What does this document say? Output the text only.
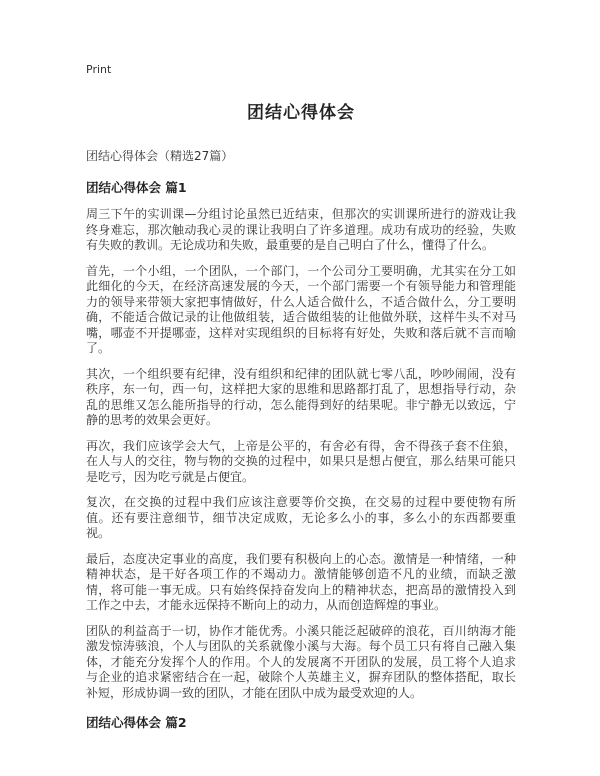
Print
团结心得体会
团结心得体会（精选27篇）
团结心得体会 篇1

周三下午的实训课—分组讨论虽然已近结束，但那次的实训课所进行的游戏让我终身难忘，那次触动我心灵的课让我明白了许多道理。成功有成功的经验，失败有失败的教训。无论成功和失败，最重要的是自己明白了什么，懂得了什么。

首先，一个小组，一个团队，一个部门，一个公司分工要明确，尤其实在分工如此细化的今天，在经济高速发展的今天，一个部门需要一个有领导能力和管理能力的领导来带领大家把事情做好，什么人适合做什么，不适合做什么，分工要明确，不能适合做记录的让他做组装，适合做组装的让他做外联，这样牛头不对马嘴，哪壶不开提哪壶，这样对实现组织的目标将有好处，失败和落后就不言而喻了。

其次，一个组织要有纪律，没有组织和纪律的团队就七零八乱，吵吵闹闹，没有秩序，东一句，西一句，这样把大家的思维和思路都打乱了，思想指导行动，杂乱的思维又怎么能所指导的行动，怎么能得到好的结果呢。非宁静无以致远，宁静的思考的效果会更好。

再次，我们应该学会大气，上帝是公平的，有舍必有得，舍不得孩子套不住狼，在人与人的交往，物与物的交换的过程中，如果只是想占便宜，那么结果可能只是吃亏，因为吃亏就是占便宜。

复次，在交换的过程中我们应该注意要等价交换，在交易的过程中要使物有所值。还有要注意细节，细节决定成败，无论多么小的事，多么小的东西都要重视。

最后，态度决定事业的高度，我们要有积极向上的心态。激情是一种情绪，一种精神状态，是干好各项工作的不竭动力。激情能够创造不凡的业绩，而缺乏激情，将可能一事无成。只有始终保持奋发向上的精神状态，把高昂的激情投入到工作之中去，才能永远保持不断向上的动力，从而创造辉煌的事业。

团队的利益高于一切，协作才能优秀。小溪只能泛起破碎的浪花，百川纳海才能激发惊涛骇浪，个人与团队的关系就像小溪与大海。每个员工只有将自己融入集体，才能充分发挥个人的作用。个人的发展离不开团队的发展，员工将个人追求与企业的追求紧密结合在一起，破除个人英雄主义，摒弃团队的整体搭配，取长补短，形成协调一致的团队，才能在团队中成为最受欢迎的人。

团结心得体会 篇2
